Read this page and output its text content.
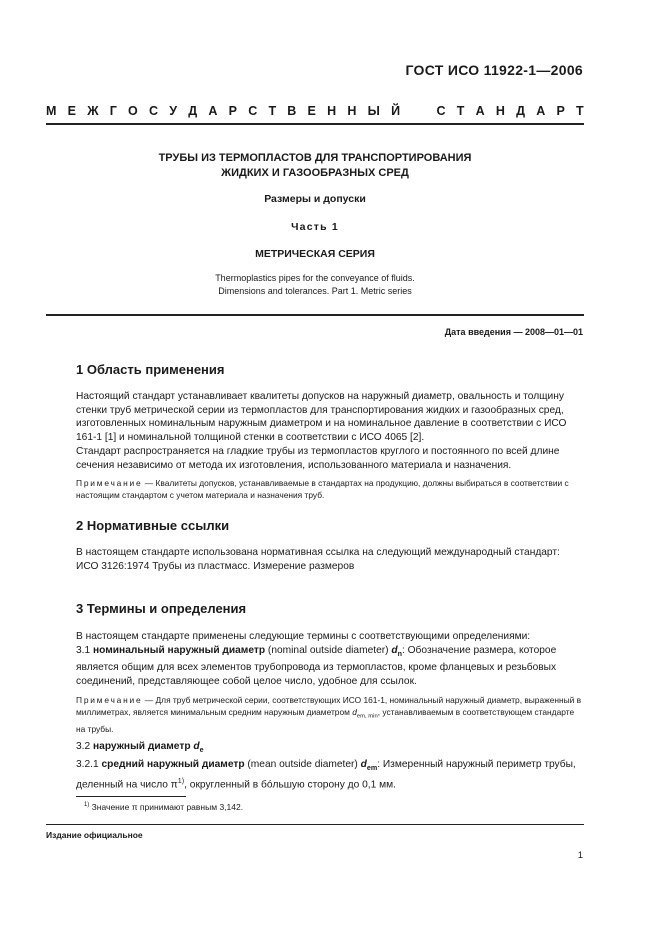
ГОСТ ИСО 11922-1—2006
М Е Ж Г О С У Д А Р С Т В Е Н Н Ы Й	С Т А Н Д А Р Т
ТРУБЫ ИЗ ТЕРМОПЛАСТОВ ДЛЯ ТРАНСПОРТИРОВАНИЯ
ЖИДКИХ И ГАЗООБРАЗНЫХ СРЕД
Размеры и допуски
Часть 1
МЕТРИЧЕСКАЯ СЕРИЯ
Thermoplastics pipes for the conveyance of fluids.
Dimensions and tolerances. Part 1. Metric series
Дата введения — 2008—01—01
1 Область применения

Настоящий стандарт устанавливает квалитеты допусков на наружный диаметр, овальность и толщину стенки труб метрической серии из термопластов для транспортирования жидких и газообразных сред, изготовленных номинальным наружным диаметром и на номинальное давление в соответствии с ИСО 161-1 [1] и номинальной толщиной стенки в соответствии с ИСО 4065 [2].

Стандарт распространяется на гладкие трубы из термопластов круглого и постоянного по всей длине сечения независимо от метода их изготовления, использованного материала и назначения.

Примечание — Квалитеты допусков, устанавливаемые в стандартах на продукцию, должны выбираться в соответствии с настоящим стандартом с учетом материала и назначения труб.
2 Нормативные ссылки

В настоящем стандарте использована нормативная ссылка на следующий международный стандарт:

ИСО 3126:1974 Трубы из пластмасс. Измерение размеров

3 Термины и определения

В настоящем стандарте применены следующие термины с соответствующими определениями:

3.1 номинальный наружный диаметр (nominal outside diameter) $d_n$: Обозначение размера, которое является общим для всех элементов трубопровода из термопластов, кроме фланцевых и резьбовых соединений, представляющее собой целое число, удобное для ссылок.

Примечание — Для труб метрической серии, соответствующих ИСО 161-1, номинальный наружный диаметр, выраженный в миллиметрах, является минимальным средним наружным диаметром $d_{em, min}$, устанавливаемым в соответствующем стандарте на трубы.

3.2 наружный диаметр $d_e$

3.2.1 средний наружный диаметр (mean outside diameter) $d_{em}$: Измеренный наружный периметр трубы, деленный на число $\pi^{1)}$, округленный в бóльшую сторону до 0,1 мм.

$^{1)}$ Значение π принимают равным 3,142.
Издание официальное
1
